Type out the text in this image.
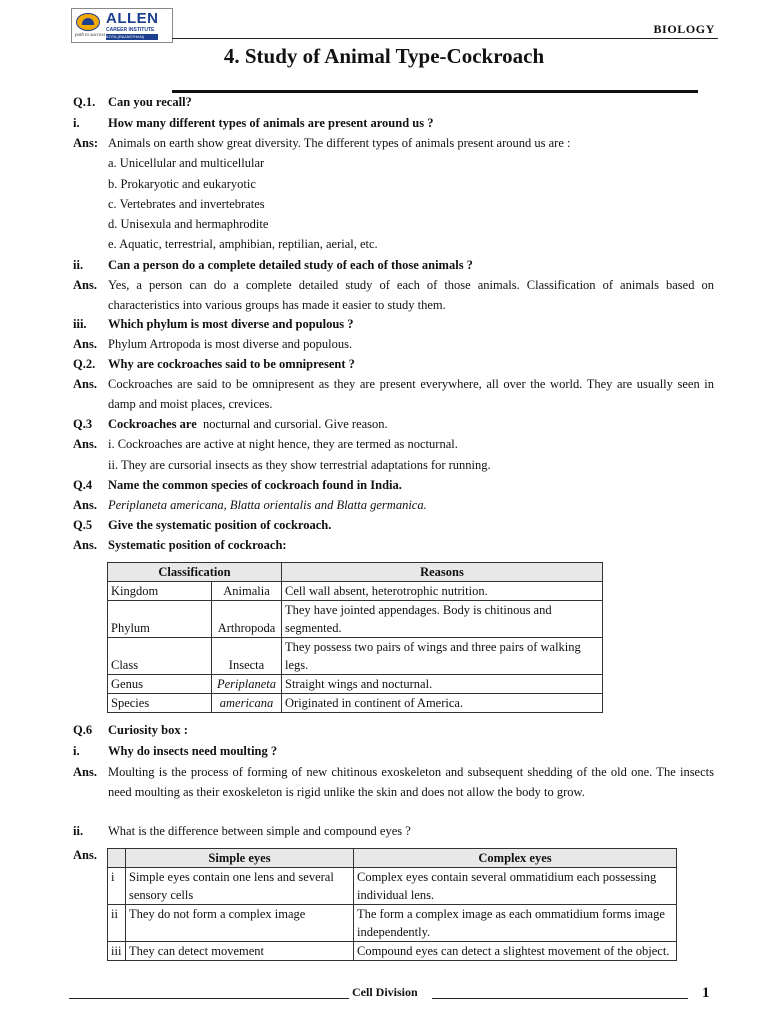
ALLEN
CAREER INSTITUTE
KOTA (RAJASTHAN)
path to success	BIOLOGY
4. Study of Animal Type-Cockroach
Q.1. Can you recall?
i. How many different types of animals are present around us ?
Ans: Animals on earth show great diversity. The different types of animals present around us are :
a. Unicellular and multicellular
b. Prokaryotic and eukaryotic
c. Vertebrates and invertebrates
d. Unisexula and hermaphrodite
e. Aquatic, terrestrial, amphibian, reptilian, aerial, etc.
ii. Can a person do a complete detailed study of each of those animals ?
Ans. Yes, a person can do a complete detailed study of each of those animals. Classification of animals based on characteristics into various groups has made it easier to study them.
iii. Which phylum is most diverse and populous ?
Ans. Phylum Artropoda is most diverse and populous.
Q.2. Why are cockroaches said to be omnipresent ?
Ans. Cockroaches are said to be omnipresent as they are present everywhere, all over the world. They are usually seen in damp and moist places, crevices.
Q.3 Cockroaches are nocturnal and cursorial. Give reason.
Ans. i. Cockroaches are active at night hence, they are termed as nocturnal.
ii. They are cursorial insects as they show terrestrial adaptations for running.
Q.4 Name the common species of cockroach found in India.
Ans. Periplaneta americana, Blatta orientalis and Blatta germanica.
Q.5 Give the systematic position of cockroach.
Ans. Systematic position of cockroach:
Classification		Reasons
Kingdom	Animalia	Cell wall absent, heterotrophic nutrition.
Phylum	Arthropoda	They have jointed appendages. Body is chitinous and segmented.
Class	Insecta	They possess two pairs of wings and three pairs of walking legs.
Genus	Periplaneta	Straight wings and nocturnal.
Species	americana	Originated in continent of America.
Q.6 Curiosity box :
i. Why do insects need moulting ?
Ans. Moulting is the process of forming of new chitinous exoskeleton and subsequent shedding of the old one. The insects need moulting as their exoskeleton is rigid unlike the skin and does not allow the body to grow.
ii. What is the difference between simple and compound eyes ?
Ans.
		Simple eyes	Complex eyes
i	Simple eyes contain one lens and several sensory cells	Complex eyes contain several ommatidium each possessing individual lens.
ii	They do not form a complex image	The form a complex image as each ommatidium forms image independently.
iii	They can detect movement	Compound eyes can detect a slightest movement of the object.
Cell Division	1
